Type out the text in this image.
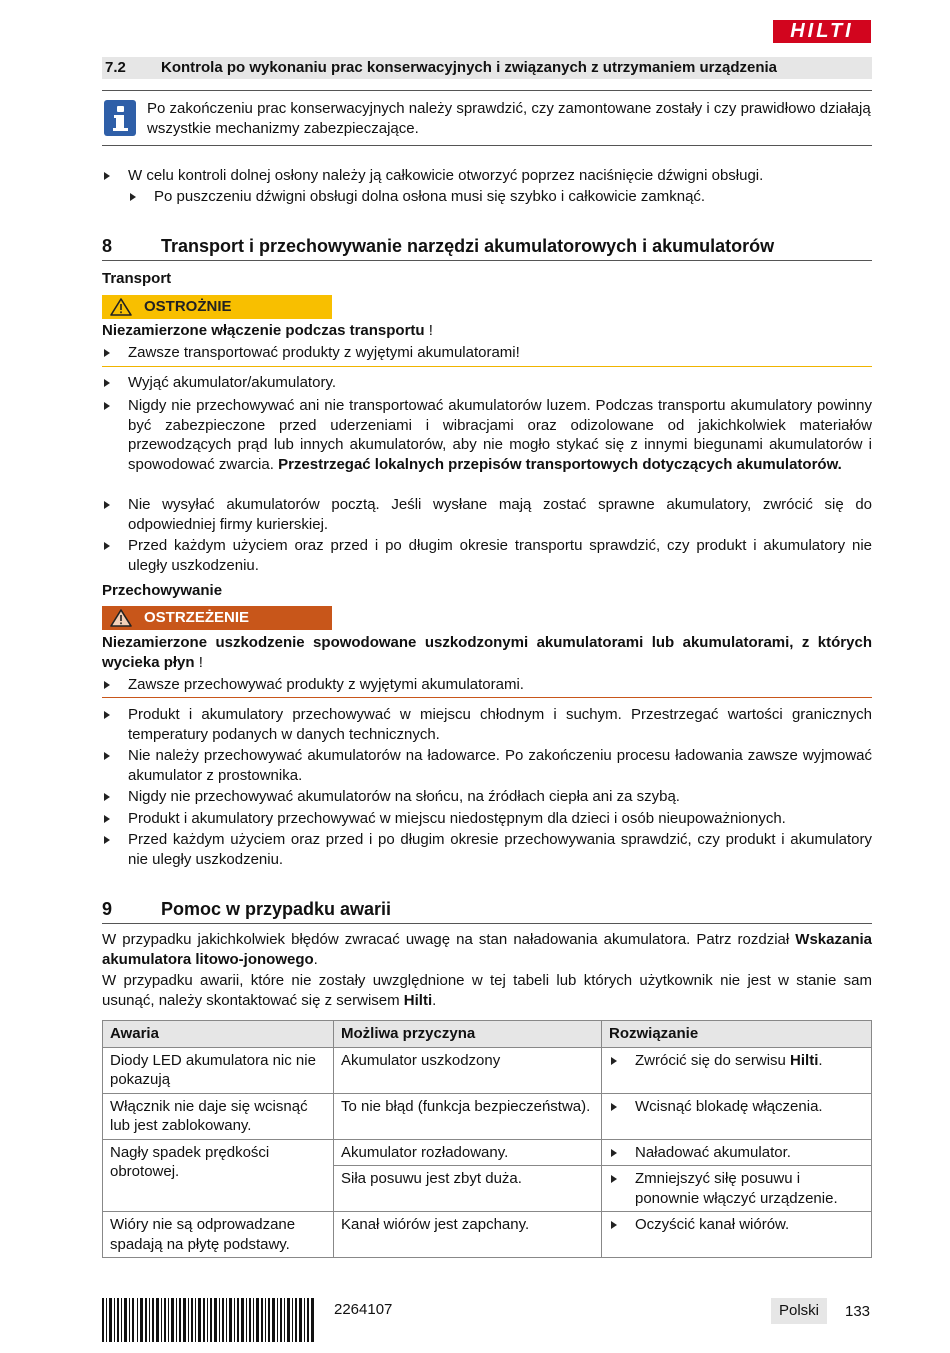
HILTI
7.2 Kontrola po wykonaniu prac konserwacyjnych i związanych z utrzymaniem urządzenia
Po zakończeniu prac konserwacyjnych należy sprawdzić, czy zamontowane zostały i czy prawidłowo działają wszystkie mechanizmy zabezpieczające.
W celu kontroli dolnej osłony należy ją całkowicie otworzyć poprzez naciśnięcie dźwigni obsługi.
Po puszczeniu dźwigni obsługi dolna osłona musi się szybko i całkowicie zamknąć.
8	Transport i przechowywanie narzędzi akumulatorowych i akumulatorów
Transport
OSTROŻNIE
Niezamierzone włączenie podczas transportu !
Zawsze transportować produkty z wyjętymi akumulatorami!
Wyjąć akumulator/akumulatory.
Nigdy nie przechowywać ani nie transportować akumulatorów luzem. Podczas transportu akumulatory powinny być zabezpieczone przed uderzeniami i wibracjami oraz odizolowane od jakichkolwiek materiałów przewodzących prąd lub innych akumulatorów, aby nie mogło stykać się z innymi biegunami akumulatorów i spowodować zwarcia. Przestrzegać lokalnych przepisów transportowych dotyczących akumulatorów.
Nie wysyłać akumulatorów pocztą. Jeśli wysłane mają zostać sprawne akumulatory, zwrócić się do odpowiedniej firmy kurierskiej.
Przed każdym użyciem oraz przed i po długim okresie transportu sprawdzić, czy produkt i akumulatory nie uległy uszkodzeniu.
Przechowywanie
OSTRZEŻENIE
Niezamierzone uszkodzenie spowodowane uszkodzonymi akumulatorami lub akumulatorami, z których wycieka płyn !
Zawsze przechowywać produkty z wyjętymi akumulatorami.
Produkt i akumulatory przechowywać w miejscu chłodnym i suchym. Przestrzegać wartości granicznych temperatury podanych w danych technicznych.
Nie należy przechowywać akumulatorów na ładowarce. Po zakończeniu procesu ładowania zawsze wyjmować akumulator z prostownika.
Nigdy nie przechowywać akumulatorów na słońcu, na źródłach ciepła ani za szybą.
Produkt i akumulatory przechowywać w miejscu niedostępnym dla dzieci i osób nieupoważnionych.
Przed każdym użyciem oraz przed i po długim okresie przechowywania sprawdzić, czy produkt i akumulatory nie uległy uszkodzeniu.
9	Pomoc w przypadku awarii
W przypadku jakichkolwiek błędów zwracać uwagę na stan naładowania akumulatora. Patrz rozdział Wskazania akumulatora litowo-jonowego.
W przypadku awarii, które nie zostały uwzględnione w tej tabeli lub których użytkownik nie jest w stanie sam usunąć, należy skontaktować się z serwisem Hilti.
Awaria	Możliwa przyczyna	Rozwiązanie
Diody LED akumulatora nic nie pokazują	Akumulator uszkodzony	Zwrócić się do serwisu Hilti.

Włącznik nie daje się wcisnąć lub jest zablokowany.	To nie błąd (funkcja bezpieczeństwa).	Wcisnąć blokadę włączenia.

Nagły spadek prędkości obrotowej.	Akumulator rozładowany.	Naładować akumulator.

	Siła posuwu jest zbyt duża.	Zmniejszyć siłę posuwu i ponownie włączyć urządzenie.

Wióry nie są odprowadzane spadają na płytę podstawy.	Kanał wiórów jest zapchany.	Oczyścić kanał wiórów.
2264107	Polski	133
